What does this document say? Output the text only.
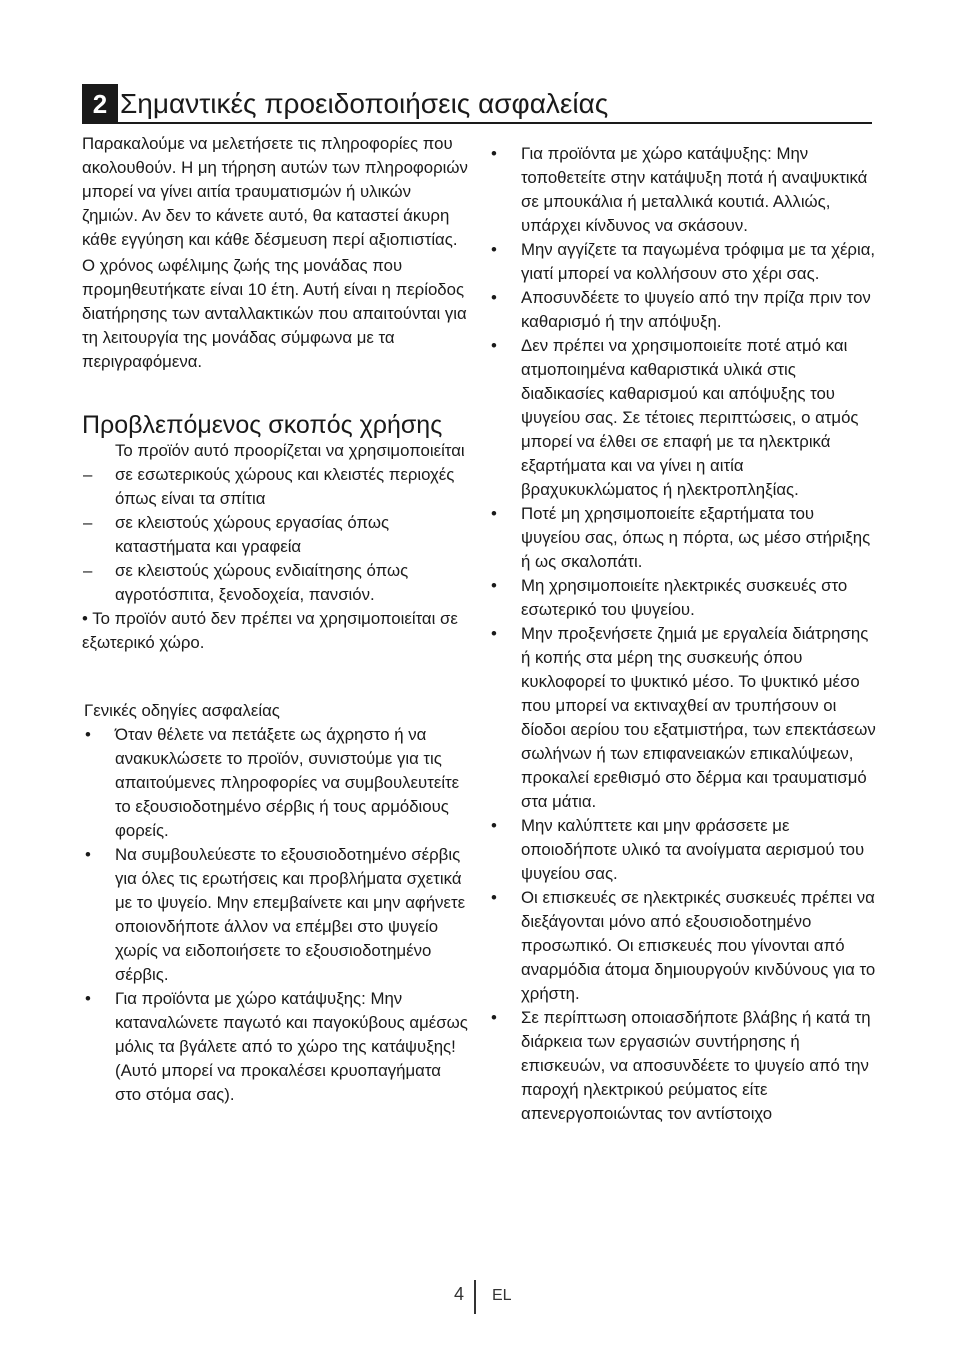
2 Σημαντικές προειδοποιήσεις ασφαλείας

Παρακαλούμε να μελετήσετε τις πληροφορίες που ακολουθούν. Η μη τήρηση αυτών των πληροφοριών μπορεί να γίνει αιτία τραυματισμών ή υλικών ζημιών. Αν δεν το κάνετε αυτό, θα καταστεί άκυρη κάθε εγγύηση και κάθε δέσμευση περί αξιοπιστίας.

Ο χρόνος ωφέλιμης ζωής της μονάδας που προμηθευτήκατε είναι 10 έτη. Αυτή είναι η περίοδος διατήρησης των ανταλλακτικών που απαιτούνται για τη λειτουργία της μονάδας σύμφωνα με τα περιγραφόμενα.

Προβλεπόμενος σκοπός χρήσης

Το προϊόν αυτό προορίζεται να χρησιμοποιείται

– σε εσωτερικούς χώρους και κλειστές περιοχές όπως είναι τα σπίτια
– σε κλειστούς χώρους εργασίας όπως καταστήματα και γραφεία
– σε κλειστούς χώρους ενδιαίτησης όπως αγροτόσπιτα, ξενοδοχεία, πανσιόν.

• Το προϊόν αυτό δεν πρέπει να χρησιμοποιείται σε εξωτερικό χώρο.

Γενικές οδηγίες ασφαλείας

• Όταν θέλετε να πετάξετε ως άχρηστο ή να ανακυκλώσετε το προϊόν, συνιστούμε για τις απαιτούμενες πληροφορίες να συμβουλευτείτε το εξουσιοδοτημένο σέρβις ή τους αρμόδιους φορείς.
• Να συμβουλεύεστε το εξουσιοδοτημένο σέρβις για όλες τις ερωτήσεις και προβλήματα σχετικά με το ψυγείο. Μην επεμβαίνετε και μην αφήνετε οποιονδήποτε άλλον να επέμβει στο ψυγείο χωρίς να ειδοποιήσετε το εξουσιοδοτημένο σέρβις.
• Για προϊόντα με χώρο κατάψυξης: Μην καταναλώνετε παγωτό και παγοκύβους αμέσως μόλις τα βγάλετε από το χώρο της κατάψυξης! (Αυτό μπορεί να προκαλέσει κρυοπαγήματα στο στόμα σας).
• Για προϊόντα με χώρο κατάψυξης: Μην τοποθετείτε στην κατάψυξη ποτά ή αναψυκτικά σε μπουκάλια ή μεταλλικά κουτιά. Αλλιώς, υπάρχει κίνδυνος να σκάσουν.
• Μην αγγίζετε τα παγωμένα τρόφιμα με τα χέρια, γιατί μπορεί να κολλήσουν στο χέρι σας.
• Αποσυνδέετε το ψυγείο από την πρίζα πριν τον καθαρισμό ή την απόψυξη.
• Δεν πρέπει να χρησιμοποιείτε ποτέ ατμό και ατμοποιημένα καθαριστικά υλικά στις διαδικασίες καθαρισμού και απόψυξης του ψυγείου σας. Σε τέτοιες περιπτώσεις, ο ατμός μπορεί να έλθει σε επαφή με τα ηλεκτρικά εξαρτήματα και να γίνει η αιτία βραχυκυκλώματος ή ηλεκτροπληξίας.
• Ποτέ μη χρησιμοποιείτε εξαρτήματα του ψυγείου σας, όπως η πόρτα, ως μέσο στήριξης ή ως σκαλοπάτι.
• Μη χρησιμοποιείτε ηλεκτρικές συσκευές στο εσωτερικό του ψυγείου.
• Μην προξενήσετε ζημιά με εργαλεία διάτρησης ή κοπής στα μέρη της συσκευής όπου κυκλοφορεί το ψυκτικό μέσο. Το ψυκτικό μέσο που μπορεί να εκτιναχθεί αν τρυπήσουν οι δίοδοι αερίου του εξατμιστήρα, των επεκτάσεων σωλήνων ή των επιφανειακών επικαλύψεων, προκαλεί ερεθισμό στο δέρμα και τραυματισμό στα μάτια.
• Μην καλύπτετε και μην φράσσετε με οποιοδήποτε υλικό τα ανοίγματα αερισμού του ψυγείου σας.
• Οι επισκευές σε ηλεκτρικές συσκευές πρέπει να διεξάγονται μόνο από εξουσιοδοτημένο προσωπικό. Οι επισκευές που γίνονται από αναρμόδια άτομα δημιουργούν κινδύνους για το χρήστη.
• Σε περίπτωση οποιασδήποτε βλάβης ή κατά τη διάρκεια των εργασιών συντήρησης ή επισκευών, να αποσυνδέετε το ψυγείο από την παροχή ηλεκτρικού ρεύματος είτε απενεργοποιώντας τον αντίστοιχο
4 EL
